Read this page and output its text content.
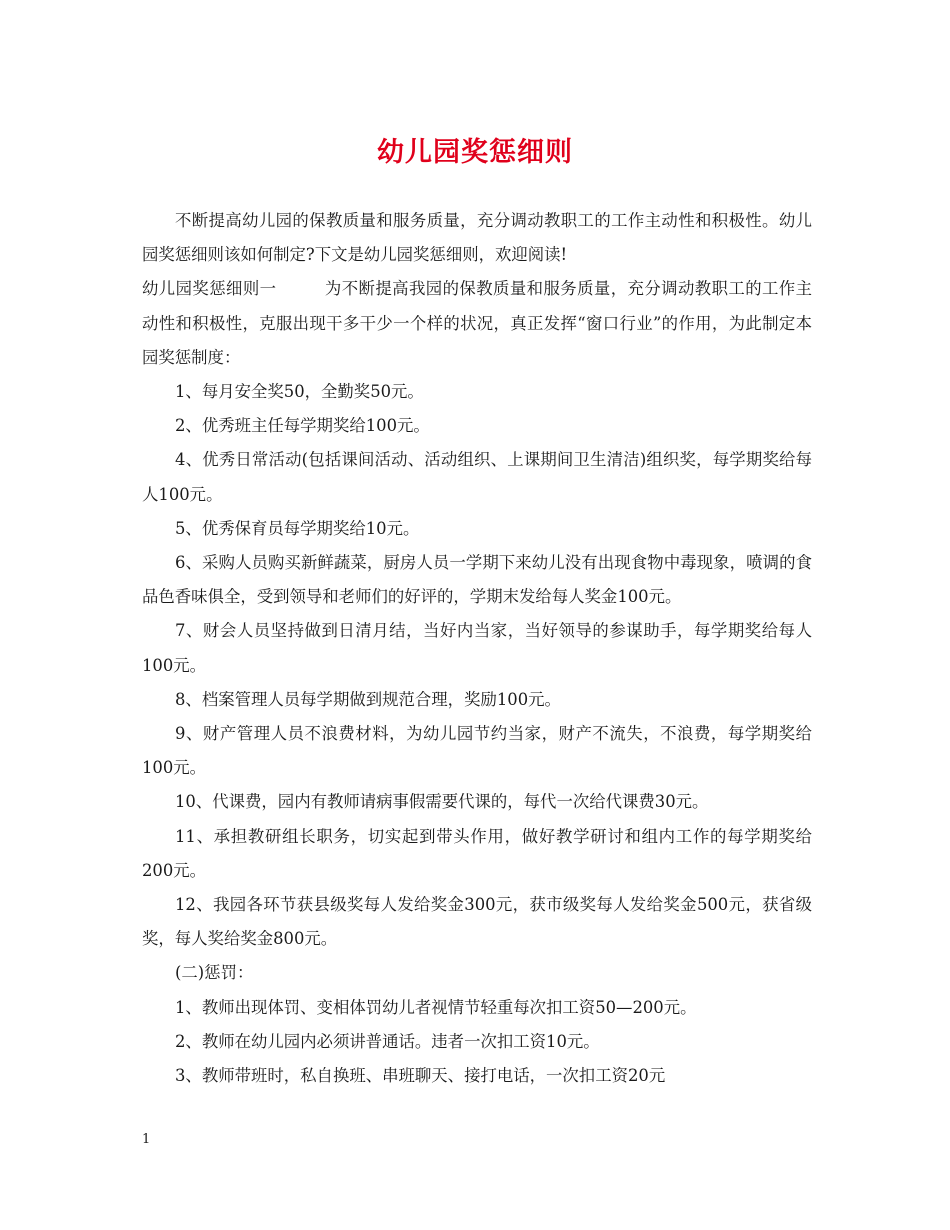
幼儿园奖惩细则

不断提高幼儿园的保教质量和服务质量，充分调动教职工的工作主动性和积极性。幼儿园奖惩细则该如何制定?下文是幼儿园奖惩细则，欢迎阅读!

幼儿园奖惩细则一	为不断提高我园的保教质量和服务质量，充分调动教职工的工作主动性和积极性，克服出现干多干少一个样的状况，真正发挥“窗口行业”的作用，为此制定本园奖惩制度：

1、每月安全奖50，全勤奖50元。

2、优秀班主任每学期奖给100元。

4、优秀日常活动(包括课间活动、活动组织、上课期间卫生清洁)组织奖，每学期奖给每人100元。

5、优秀保育员每学期奖给10元。

6、采购人员购买新鲜蔬菜，厨房人员一学期下来幼儿没有出现食物中毒现象，喷调的食品色香味俱全，受到领导和老师们的好评的，学期末发给每人奖金100元。

7、财会人员坚持做到日清月结，当好内当家，当好领导的参谋助手，每学期奖给每人100元。

8、档案管理人员每学期做到规范合理，奖励100元。

9、财产管理人员不浪费材料，为幼儿园节约当家，财产不流失，不浪费，每学期奖给100元。

10、代课费，园内有教师请病事假需要代课的，每代一次给代课费30元。

11、承担教研组长职务，切实起到带头作用，做好教学研讨和组内工作的每学期奖给200元。

12、我园各环节获县级奖每人发给奖金300元，获市级奖每人发给奖金500元，获省级奖，每人奖给奖金800元。

(二)惩罚：

1、教师出现体罚、变相体罚幼儿者视情节轻重每次扣工资50—200元。

2、教师在幼儿园内必须讲普通话。违者一次扣工资10元。

3、教师带班时，私自换班、串班聊天、接打电话，一次扣工资20元

1
